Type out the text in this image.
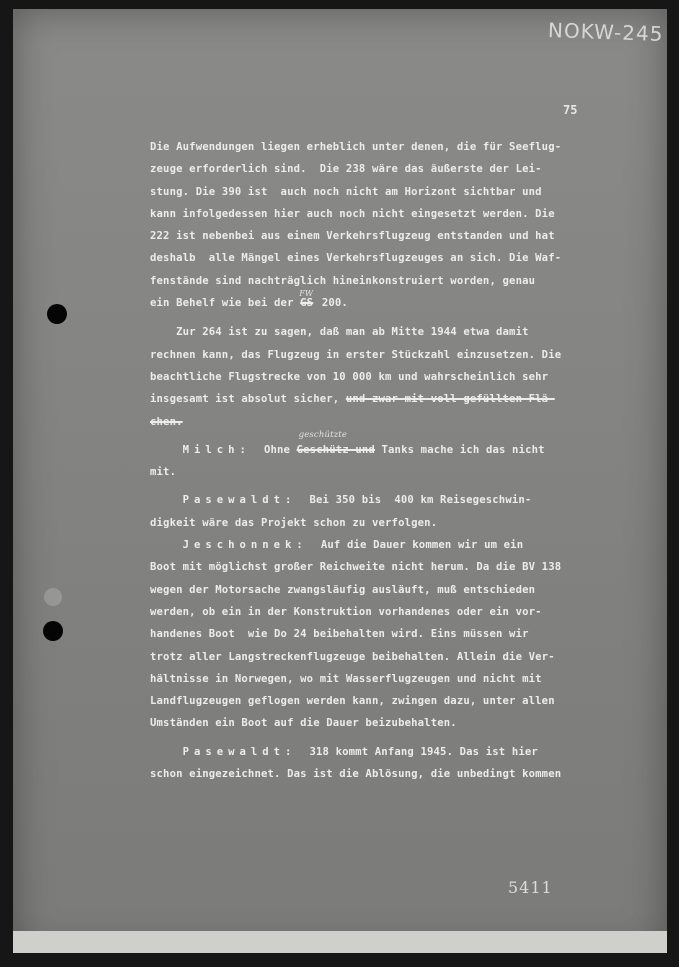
NOKW-245
75
Die Aufwendungen liegen erheblich unter denen, die für Seeflug-
zeuge erforderlich sind.  Die 238 wäre das äußerste der Lei-
stung. Die 390 ist  auch noch nicht am Horizont sichtbar und
kann infolgedessen hier auch noch nicht eingesetzt werden. Die
222 ist nebenbei aus einem Verkehrsflugzeug entstanden und hat
deshalb  alle Mängel eines Verkehrsflugzeuges an sich. Die Waf-
fenstände sind nachträglich hineinkonstruiert worden, genau
ein Behelf wie bei der $GS^{FW}$ 200.
Zur 264 ist zu sagen, daß man ab Mitte 1944 etwa damit
rechnen kann, das Flugzeug in erster Stückzahl einzusetzen. Die
beachtliche Flugstrecke von 10 000 km und wahrscheinlich sehr
insgesamt ist absolut sicher, und zwar mit voll gefüllten Flä-
chen.
Milch:  Ohne
geschützte
Geschütz und Tanks mache ich das nicht
mit.
Pasewaldt:  Bei 350 bis  400 km Reisegeschwin-
digkeit wäre das Projekt schon zu verfolgen.
Jeschonnek:  Auf die Dauer kommen wir um ein
Boot mit möglichst großer Reichweite nicht herum. Da die BV 138
wegen der Motorsache zwangsläufig ausläuft, muß entschieden
werden, ob ein in der Konstruktion vorhandenes oder ein vor-
handenes Boot  wie Do 24 beibehalten wird. Eins müssen wir
trotz aller Langstreckenflugzeuge beibehalten. Allein die Ver-
hältnisse in Norwegen, wo mit Wasserflugzeugen und nicht mit
Landflugzeugen geflogen werden kann, zwingen dazu, unter allen
Umständen ein Boot auf die Dauer beizubehalten.
Pasewaldt:  318 kommt Anfang 1945. Das ist hier
schon eingezeichnet. Das ist die Ablösung, die unbedingt kommen
5411
